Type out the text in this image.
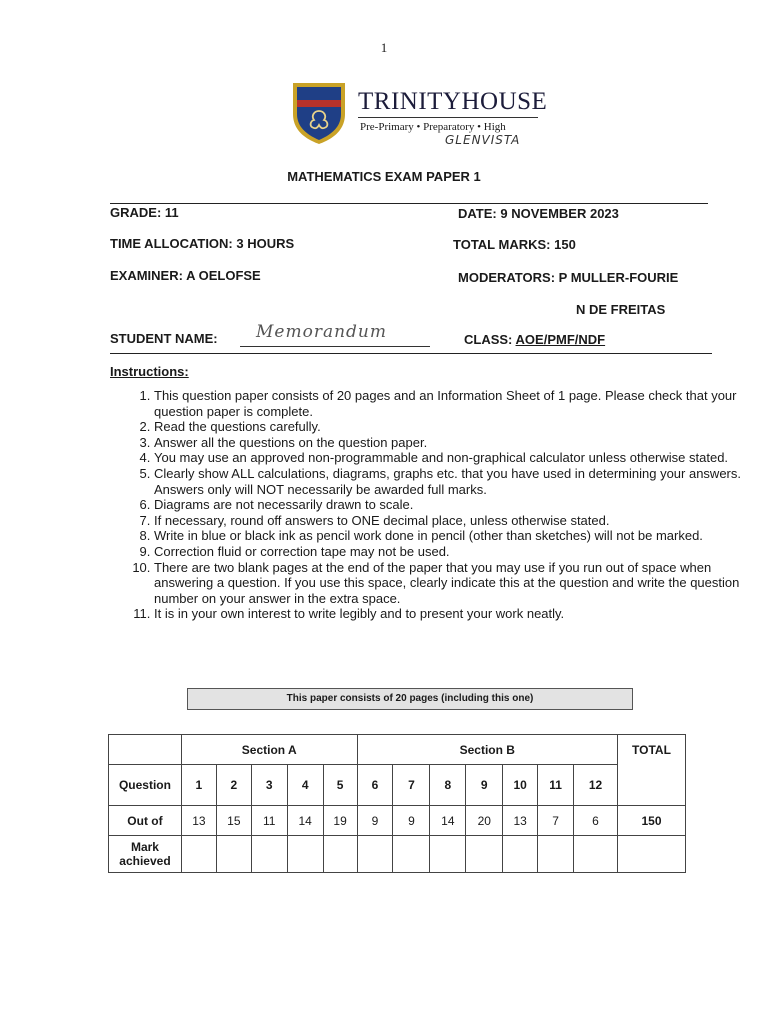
1
TRINITYHOUSE
Pre-Primary • Preparatory • High
GLENVISTA
MATHEMATICS EXAM PAPER 1
GRADE: 11	DATE: 9 NOVEMBER 2023
TIME ALLOCATION: 3 HOURS	TOTAL MARKS: 150
EXAMINER: A OELOFSE	MODERATORS: P MULLER-FOURIE
N DE FREITAS
STUDENT NAME: Memorandum	CLASS: AOE/PMF/NDF
Instructions:
1. This question paper consists of 20 pages and an Information Sheet of 1 page. Please check that your question paper is complete.
2. Read the questions carefully.
3. Answer all the questions on the question paper.
4. You may use an approved non-programmable and non-graphical calculator unless otherwise stated.
5. Clearly show ALL calculations, diagrams, graphs etc. that you have used in determining your answers. Answers only will NOT necessarily be awarded full marks.
6. Diagrams are not necessarily drawn to scale.
7. If necessary, round off answers to ONE decimal place, unless otherwise stated.
8. Write in blue or black ink as pencil work done in pencil (other than sketches) will not be marked.
9. Correction fluid or correction tape may not be used.
10. There are two blank pages at the end of the paper that you may use if you run out of space when answering a question. If you use this space, clearly indicate this at the question and write the question number on your answer in the extra space.
11. It is in your own interest to write legibly and to present your work neatly.
This paper consists of 20 pages (including this one)
	Section A					Section B							TOTAL
Question	1	2	3	4	5	6	7	8	9	10	11	12	
Out of	13	15	11	14	19	9	9	14	20	13	7	6	150
Mark achieved													
